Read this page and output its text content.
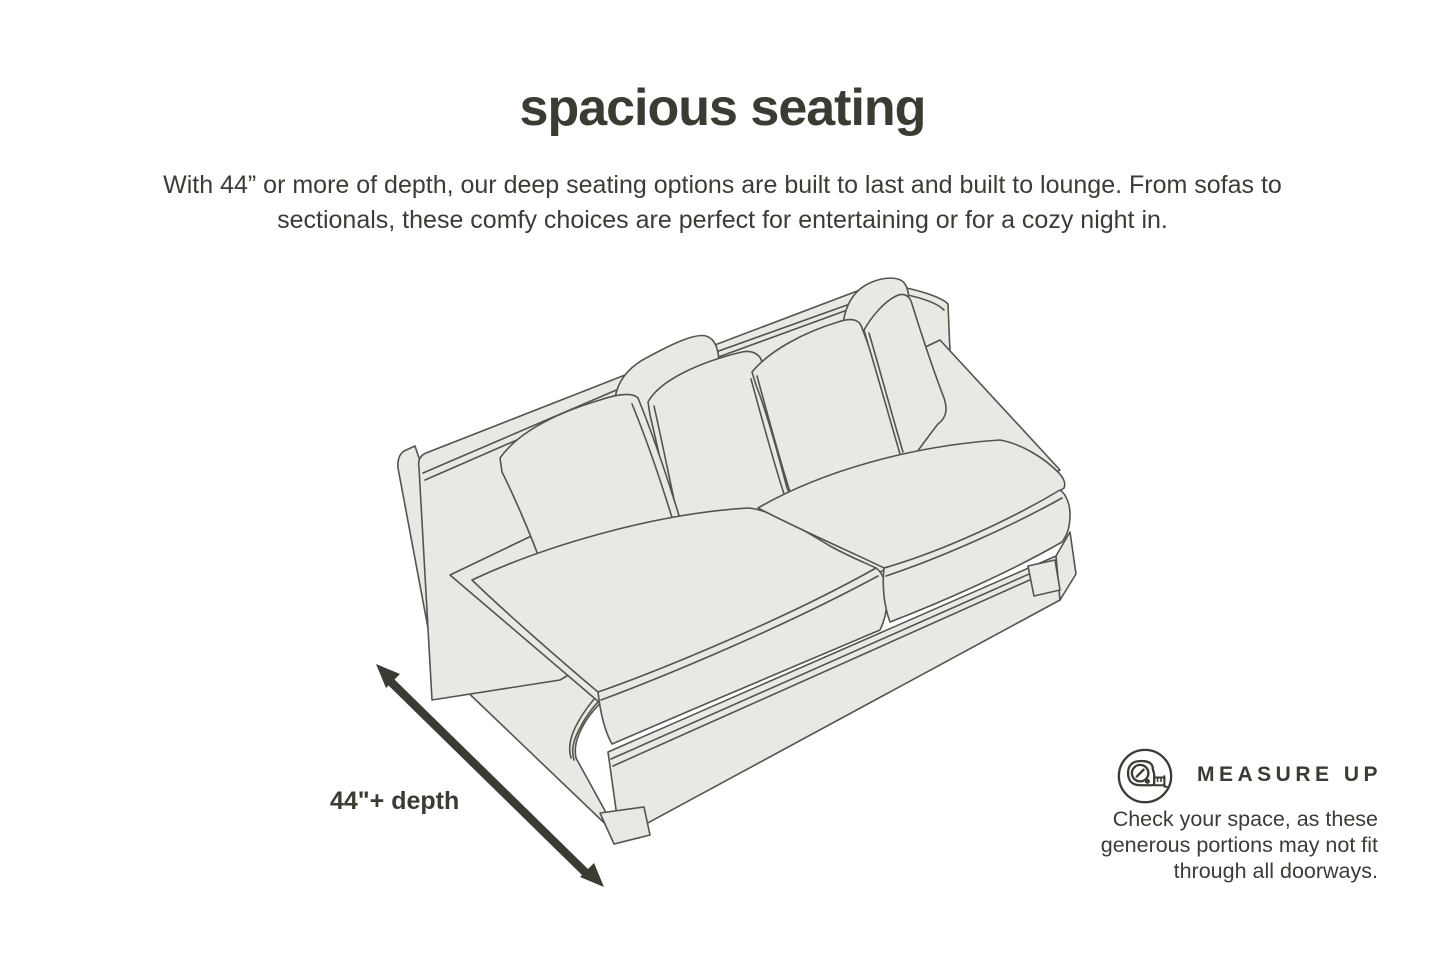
spacious seating

With 44” or more of depth, our deep seating options are built to last and built to lounge. From sofas to sectionals, these comfy choices are perfect for entertaining or for a cozy night in.

44"+ depth
MEASURE UP
Check your space, as these generous portions may not fit through all doorways.
